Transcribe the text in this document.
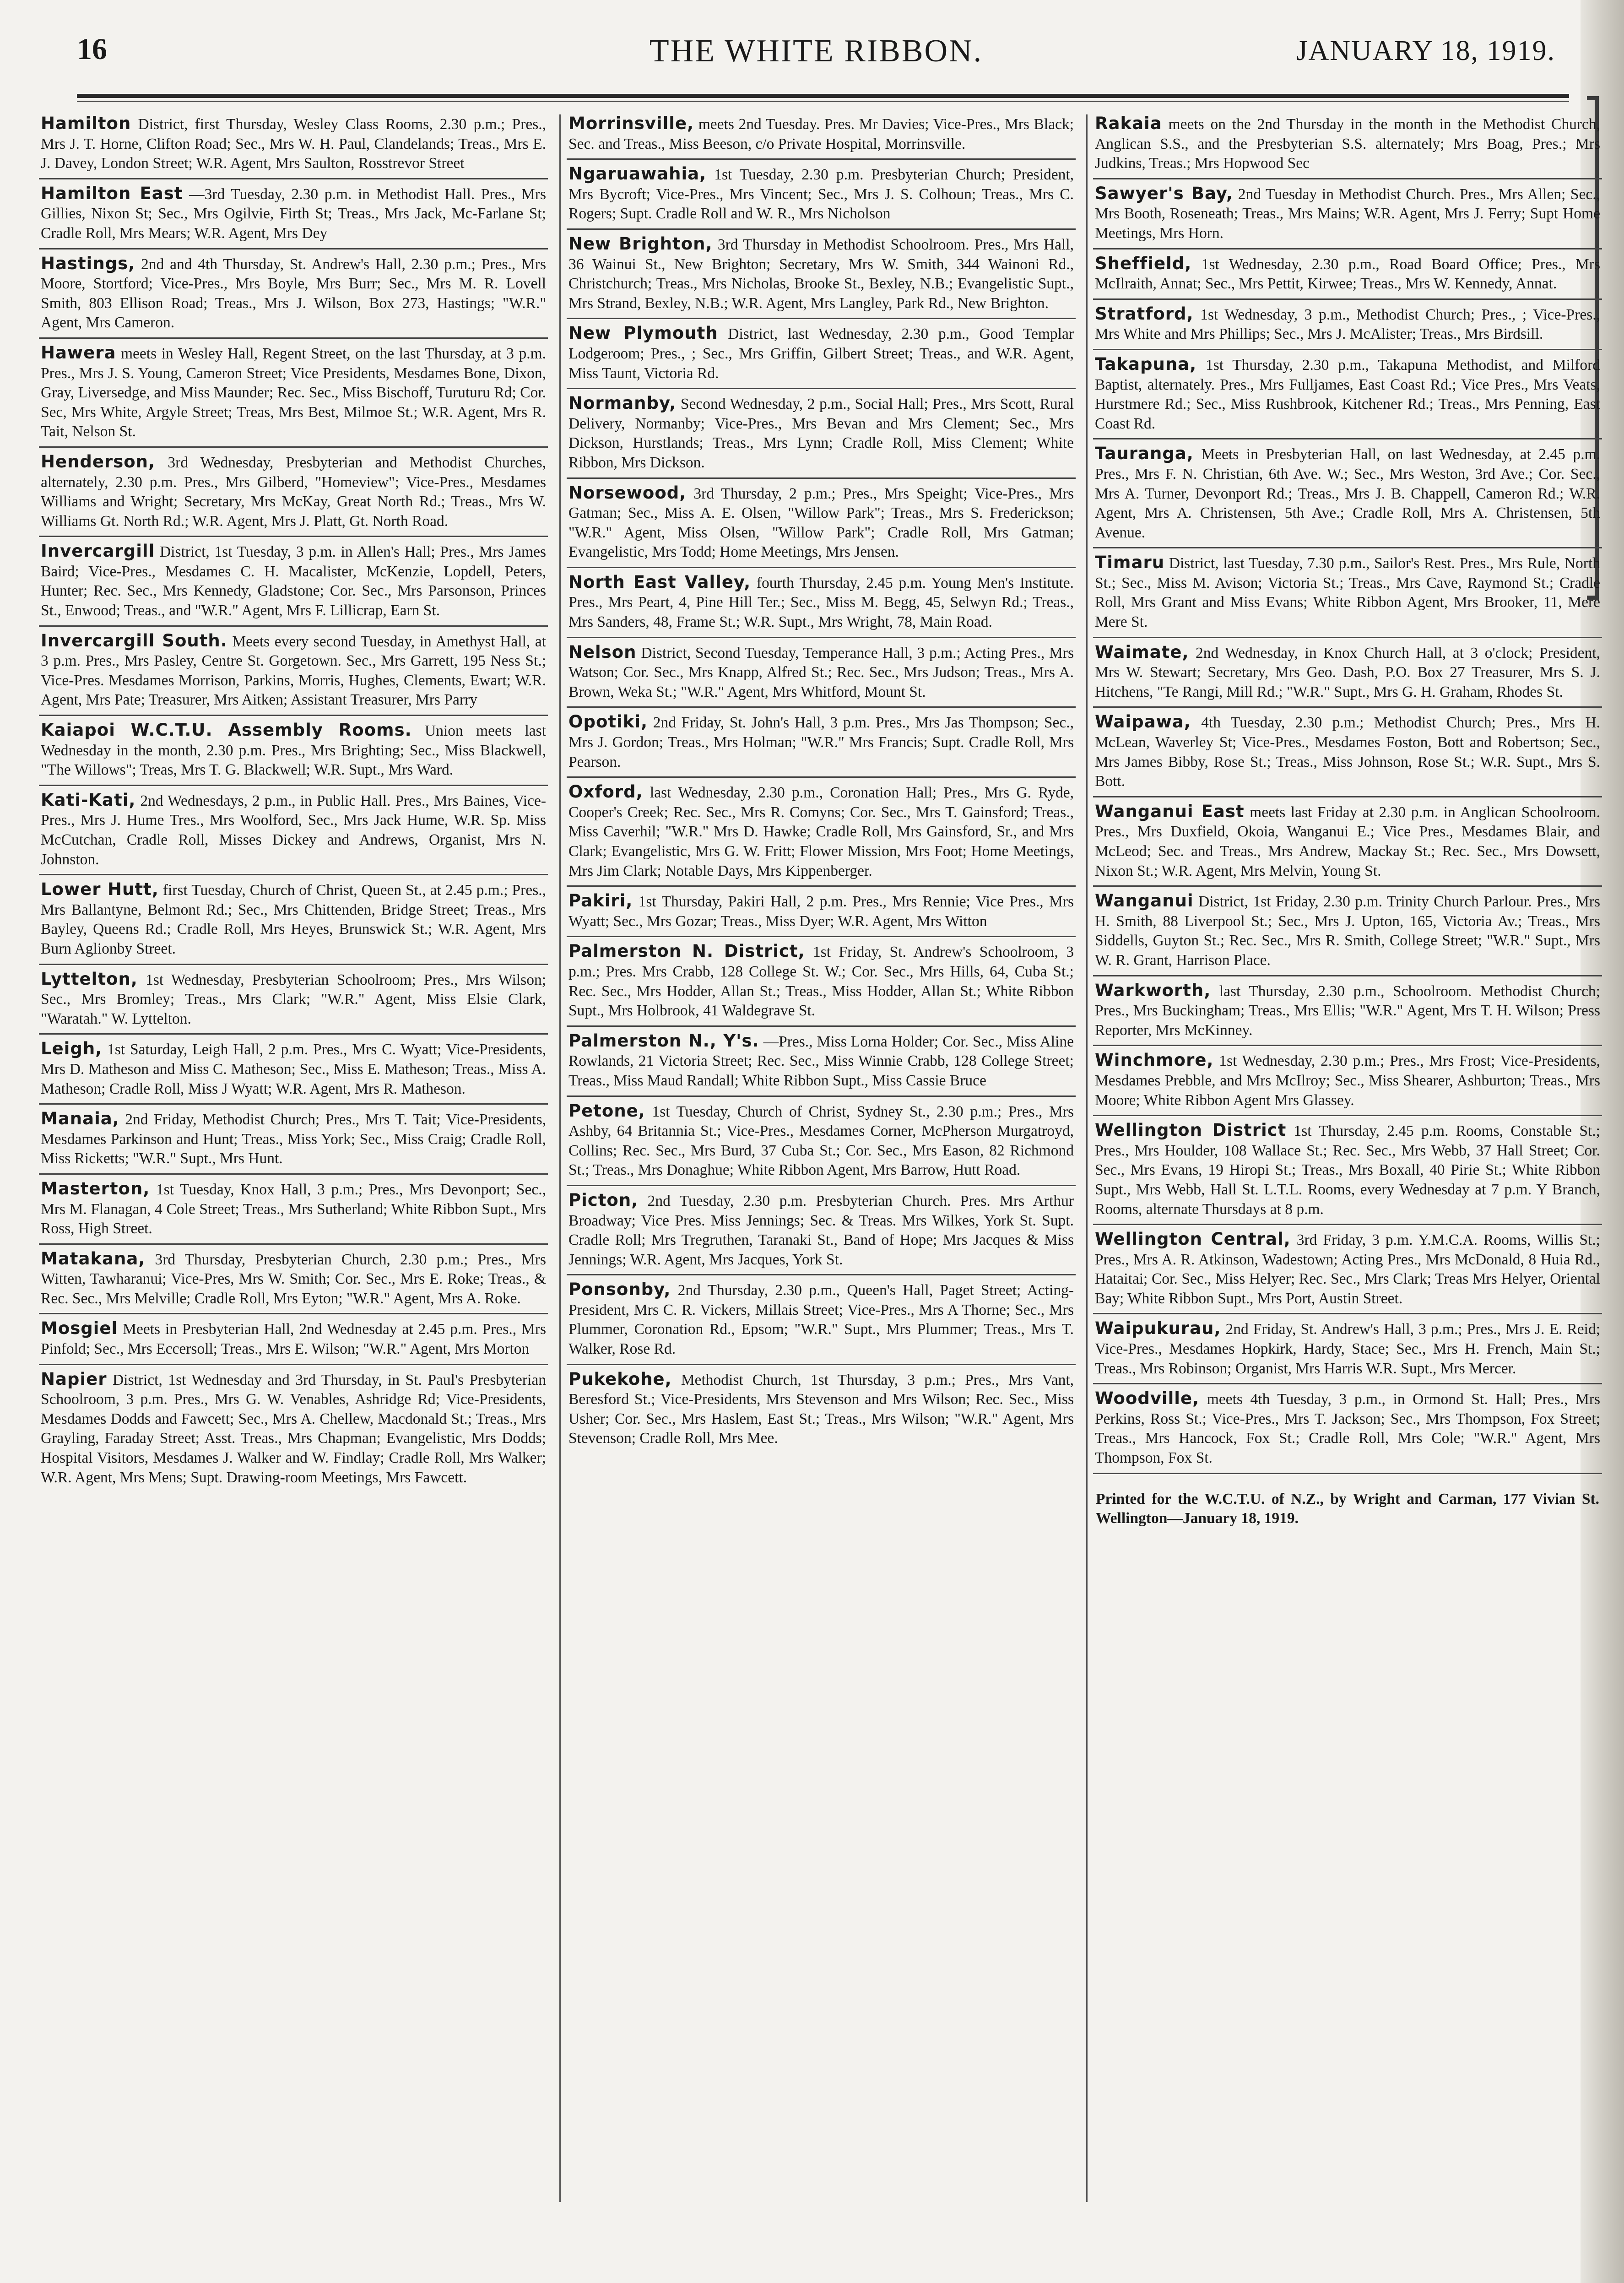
16	THE WHITE RIBBON.	JANUARY 18, 1919.
Hamilton District, first Thursday, Wesley Class Rooms, 2.30 p.m.; Pres., Mrs J. T. Horne, Clifton Road; Sec., Mrs W. H. Paul, Clandelands; Treas., Mrs E. J. Davey, London Street; W.R. Agent, Mrs Saulton, Rosstrevor Street
Hamilton East —3rd Tuesday, 2.30 p.m. in Methodist Hall. Pres., Mrs Gillies, Nixon St; Sec., Mrs Ogilvie, Firth St; Treas., Mrs Jack, Mc-Farlane St; Cradle Roll, Mrs Mears; W.R. Agent, Mrs Dey
Hastings, 2nd and 4th Thursday, St. Andrew's Hall, 2.30 p.m.; Pres., Mrs Moore, Stortford; Vice-Pres., Mrs Boyle, Mrs Burr; Sec., Mrs M. R. Lovell Smith, 803 Ellison Road; Treas., Mrs J. Wilson, Box 273, Hastings; "W.R." Agent, Mrs Cameron.
Hawera meets in Wesley Hall, Regent Street, on the last Thursday, at 3 p.m. Pres., Mrs J. S. Young, Cameron Street; Vice Presidents, Mesdames Bone, Dixon, Gray, Liversedge, and Miss Maunder; Rec. Sec., Miss Bischoff, Turuturu Rd; Cor. Sec, Mrs White, Argyle Street; Treas, Mrs Best, Milmoe St.; W.R. Agent, Mrs R. Tait, Nelson St.
Henderson, 3rd Wednesday, Presbyterian and Methodist Churches, alternately, 2.30 p.m. Pres., Mrs Gilberd, "Homeview"; Vice-Pres., Mesdames Williams and Wright; Secretary, Mrs McKay, Great North Rd.; Treas., Mrs W. Williams Gt. North Rd.; W.R. Agent, Mrs J. Platt, Gt. North Road.
Invercargill District, 1st Tuesday, 3 p.m. in Allen's Hall; Pres., Mrs James Baird; Vice-Pres., Mesdames C. H. Macalister, McKenzie, Lopdell, Peters, Hunter; Rec. Sec., Mrs Kennedy, Gladstone; Cor. Sec., Mrs Parsonson, Princes St., Enwood; Treas., and "W.R." Agent, Mrs F. Lillicrap, Earn St.
Invercargill South. Meets every second Tuesday, in Amethyst Hall, at 3 p.m. Pres., Mrs Pasley, Centre St. Gorgetown. Sec., Mrs Garrett, 195 Ness St.; Vice-Pres. Mesdames Morrison, Parkins, Morris, Hughes, Clements, Ewart; W.R. Agent, Mrs Pate; Treasurer, Mrs Aitken; Assistant Treasurer, Mrs Parry
Kaiapoi W.C.T.U. Assembly Rooms. Union meets last Wednesday in the month, 2.30 p.m. Pres., Mrs Brighting; Sec., Miss Blackwell, "The Willows"; Treas, Mrs T. G. Blackwell; W.R. Supt., Mrs Ward.
Kati-Kati, 2nd Wednesdays, 2 p.m., in Public Hall. Pres., Mrs Baines, Vice-Pres., Mrs J. Hume Tres., Mrs Woolford, Sec., Mrs Jack Hume, W.R. Sp. Miss McCutchan, Cradle Roll, Misses Dickey and Andrews, Organist, Mrs N. Johnston.
Lower Hutt, first Tuesday, Church of Christ, Queen St., at 2.45 p.m.; Pres., Mrs Ballantyne, Belmont Rd.; Sec., Mrs Chittenden, Bridge Street; Treas., Mrs Bayley, Queens Rd.; Cradle Roll, Mrs Heyes, Brunswick St.; W.R. Agent, Mrs Burn Aglionby Street.
Lyttelton, 1st Wednesday, Presbyterian Schoolroom; Pres., Mrs Wilson; Sec., Mrs Bromley; Treas., Mrs Clark; "W.R." Agent, Miss Elsie Clark, "Waratah." W. Lyttelton.
Leigh, 1st Saturday, Leigh Hall, 2 p.m. Pres., Mrs C. Wyatt; Vice-Presidents, Mrs D. Matheson and Miss C. Matheson; Sec., Miss E. Matheson; Treas., Miss A. Matheson; Cradle Roll, Miss J Wyatt; W.R. Agent, Mrs R. Matheson.
Manaia, 2nd Friday, Methodist Church; Pres., Mrs T. Tait; Vice-Presidents, Mesdames Parkinson and Hunt; Treas., Miss York; Sec., Miss Craig; Cradle Roll, Miss Ricketts; "W.R." Supt., Mrs Hunt.
Masterton, 1st Tuesday, Knox Hall, 3 p.m.; Pres., Mrs Devonport; Sec., Mrs M. Flanagan, 4 Cole Street; Treas., Mrs Sutherland; White Ribbon Supt., Mrs Ross, High Street.
Matakana, 3rd Thursday, Presbyterian Church, 2.30 p.m.; Pres., Mrs Witten, Tawharanui; Vice-Pres, Mrs W. Smith; Cor. Sec., Mrs E. Roke; Treas., & Rec. Sec., Mrs Melville; Cradle Roll, Mrs Eyton; "W.R." Agent, Mrs A. Roke.
Mosgiel Meets in Presbyterian Hall, 2nd Wednesday at 2.45 p.m. Pres., Mrs Pinfold; Sec., Mrs Eccersoll; Treas., Mrs E. Wilson; "W.R." Agent, Mrs Morton
Napier District, 1st Wednesday and 3rd Thursday, in St. Paul's Presbyterian Schoolroom, 3 p.m. Pres., Mrs G. W. Venables, Ashridge Rd; Vice-Presidents, Mesdames Dodds and Fawcett; Sec., Mrs A. Chellew, Macdonald St.; Treas., Mrs Grayling, Faraday Street; Asst. Treas., Mrs Chapman; Evangelistic, Mrs Dodds; Hospital Visitors, Mesdames J. Walker and W. Findlay; Cradle Roll, Mrs Walker; W.R. Agent, Mrs Mens; Supt. Drawing-room Meetings, Mrs Fawcett.
Morrinsville, meets 2nd Tuesday. Pres. Mr Davies; Vice-Pres., Mrs Black; Sec. and Treas., Miss Beeson, c/o Private Hospital, Morrinsville.
Ngaruawahia, 1st Tuesday, 2.30 p.m. Presbyterian Church; President, Mrs Bycroft; Vice-Pres., Mrs Vincent; Sec., Mrs J. S. Colhoun; Treas., Mrs C. Rogers; Supt. Cradle Roll and W. R., Mrs Nicholson
New Brighton, 3rd Thursday in Methodist Schoolroom. Pres., Mrs Hall, 36 Wainui St., New Brighton; Secretary, Mrs W. Smith, 344 Wainoni Rd., Christchurch; Treas., Mrs Nicholas, Brooke St., Bexley, N.B.; Evangelistic Supt., Mrs Strand, Bexley, N.B.; W.R. Agent, Mrs Langley, Park Rd., New Brighton.
New Plymouth District, last Wednesday, 2.30 p.m., Good Templar Lodgeroom; Pres., ; Sec., Mrs Griffin, Gilbert Street; Treas., and W.R. Agent, Miss Taunt, Victoria Rd.
Normanby, Second Wednesday, 2 p.m., Social Hall; Pres., Mrs Scott, Rural Delivery, Normanby; Vice-Pres., Mrs Bevan and Mrs Clement; Sec., Mrs Dickson, Hurstlands; Treas., Mrs Lynn; Cradle Roll, Miss Clement; White Ribbon, Mrs Dickson.
Norsewood, 3rd Thursday, 2 p.m.; Pres., Mrs Speight; Vice-Pres., Mrs Gatman; Sec., Miss A. E. Olsen, "Willow Park"; Treas., Mrs S. Frederickson; "W.R." Agent, Miss Olsen, "Willow Park"; Cradle Roll, Mrs Gatman; Evangelistic, Mrs Todd; Home Meetings, Mrs Jensen.
North East Valley, fourth Thursday, 2.45 p.m. Young Men's Institute. Pres., Mrs Peart, 4, Pine Hill Ter.; Sec., Miss M. Begg, 45, Selwyn Rd.; Treas., Mrs Sanders, 48, Frame St.; W.R. Supt., Mrs Wright, 78, Main Road.
Nelson District, Second Tuesday, Temperance Hall, 3 p.m.; Acting Pres., Mrs Watson; Cor. Sec., Mrs Knapp, Alfred St.; Rec. Sec., Mrs Judson; Treas., Mrs A. Brown, Weka St.; "W.R." Agent, Mrs Whitford, Mount St.
Opotiki, 2nd Friday, St. John's Hall, 3 p.m. Pres., Mrs Jas Thompson; Sec., Mrs J. Gordon; Treas., Mrs Holman; "W.R." Mrs Francis; Supt. Cradle Roll, Mrs Pearson.
Oxford, last Wednesday, 2.30 p.m., Coronation Hall; Pres., Mrs G. Ryde, Cooper's Creek; Rec. Sec., Mrs R. Comyns; Cor. Sec., Mrs T. Gainsford; Treas., Miss Caverhil; "W.R." Mrs D. Hawke; Cradle Roll, Mrs Gainsford, Sr., and Mrs Clark; Evangelistic, Mrs G. W. Fritt; Flower Mission, Mrs Foot; Home Meetings, Mrs Jim Clark; Notable Days, Mrs Kippenberger.
Pakiri, 1st Thursday, Pakiri Hall, 2 p.m. Pres., Mrs Rennie; Vice Pres., Mrs Wyatt; Sec., Mrs Gozar; Treas., Miss Dyer; W.R. Agent, Mrs Witton
Palmerston N. District, 1st Friday, St. Andrew's Schoolroom, 3 p.m.; Pres. Mrs Crabb, 128 College St. W.; Cor. Sec., Mrs Hills, 64, Cuba St.; Rec. Sec., Mrs Hodder, Allan St.; Treas., Miss Hodder, Allan St.; White Ribbon Supt., Mrs Holbrook, 41 Waldegrave St.
Palmerston N., Y's. —Pres., Miss Lorna Holder; Cor. Sec., Miss Aline Rowlands, 21 Victoria Street; Rec. Sec., Miss Winnie Crabb, 128 College Street; Treas., Miss Maud Randall; White Ribbon Supt., Miss Cassie Bruce
Petone, 1st Tuesday, Church of Christ, Sydney St., 2.30 p.m.; Pres., Mrs Ashby, 64 Britannia St.; Vice-Pres., Mesdames Corner, McPherson Murgatroyd, Collins; Rec. Sec., Mrs Burd, 37 Cuba St.; Cor. Sec., Mrs Eason, 82 Richmond St.; Treas., Mrs Donaghue; White Ribbon Agent, Mrs Barrow, Hutt Road.
Picton, 2nd Tuesday, 2.30 p.m. Presbyterian Church. Pres. Mrs Arthur Broadway; Vice Pres. Miss Jennings; Sec. & Treas. Mrs Wilkes, York St. Supt. Cradle Roll; Mrs Tregruthen, Taranaki St., Band of Hope; Mrs Jacques & Miss Jennings; W.R. Agent, Mrs Jacques, York St.
Ponsonby, 2nd Thursday, 2.30 p.m., Queen's Hall, Paget Street; Acting-President, Mrs C. R. Vickers, Millais Street; Vice-Pres., Mrs A Thorne; Sec., Mrs Plummer, Coronation Rd., Epsom; "W.R." Supt., Mrs Plummer; Treas., Mrs T. Walker, Rose Rd.
Pukekohe, Methodist Church, 1st Thursday, 3 p.m.; Pres., Mrs Vant, Beresford St.; Vice-Presidents, Mrs Stevenson and Mrs Wilson; Rec. Sec., Miss Usher; Cor. Sec., Mrs Haslem, East St.; Treas., Mrs Wilson; "W.R." Agent, Mrs Stevenson; Cradle Roll, Mrs Mee.
Rakaia meets on the 2nd Thursday in the month in the Methodist Church, Anglican S.S., and the Presbyterian S.S. alternately; Mrs Boag, Pres.; Mrs Judkins, Treas.; Mrs Hopwood Sec
Sawyer's Bay, 2nd Tuesday in Methodist Church. Pres., Mrs Allen; Sec., Mrs Booth, Roseneath; Treas., Mrs Mains; W.R. Agent, Mrs J. Ferry; Supt Home Meetings, Mrs Horn.
Sheffield, 1st Wednesday, 2.30 p.m., Road Board Office; Pres., Mrs McIlraith, Annat; Sec., Mrs Pettit, Kirwee; Treas., Mrs W. Kennedy, Annat.
Stratford, 1st Wednesday, 3 p.m., Methodist Church; Pres., ; Vice-Pres., Mrs White and Mrs Phillips; Sec., Mrs J. McAlister; Treas., Mrs Birdsill.
Takapuna, 1st Thursday, 2.30 p.m., Takapuna Methodist, and Milford Baptist, alternately. Pres., Mrs Fulljames, East Coast Rd.; Vice Pres., Mrs Veats, Hurstmere Rd.; Sec., Miss Rushbrook, Kitchener Rd.; Treas., Mrs Penning, East Coast Rd.
Tauranga, Meets in Presbyterian Hall, on last Wednesday, at 2.45 p.m. Pres., Mrs F. N. Christian, 6th Ave. W.; Sec., Mrs Weston, 3rd Ave.; Cor. Sec., Mrs A. Turner, Devonport Rd.; Treas., Mrs J. B. Chappell, Cameron Rd.; W.R. Agent, Mrs A. Christensen, 5th Ave.; Cradle Roll, Mrs A. Christensen, 5th Avenue.
Timaru District, last Tuesday, 7.30 p.m., Sailor's Rest. Pres., Mrs Rule, North St.; Sec., Miss M. Avison; Victoria St.; Treas., Mrs Cave, Raymond St.; Cradle Roll, Mrs Grant and Miss Evans; White Ribbon Agent, Mrs Brooker, 11, Mere Mere St.
Waimate, 2nd Wednesday, in Knox Church Hall, at 3 o'clock; President, Mrs W. Stewart; Secretary, Mrs Geo. Dash, P.O. Box 27 Treasurer, Mrs S. J. Hitchens, "Te Rangi, Mill Rd.; "W.R." Supt., Mrs G. H. Graham, Rhodes St.
Waipawa, 4th Tuesday, 2.30 p.m.; Methodist Church; Pres., Mrs H. McLean, Waverley St; Vice-Pres., Mesdames Foston, Bott and Robertson; Sec., Mrs James Bibby, Rose St.; Treas., Miss Johnson, Rose St.; W.R. Supt., Mrs S. Bott.
Wanganui East meets last Friday at 2.30 p.m. in Anglican Schoolroom. Pres., Mrs Duxfield, Okoia, Wanganui E.; Vice Pres., Mesdames Blair, and McLeod; Sec. and Treas., Mrs Andrew, Mackay St.; Rec. Sec., Mrs Dowsett, Nixon St.; W.R. Agent, Mrs Melvin, Young St.
Wanganui District, 1st Friday, 2.30 p.m. Trinity Church Parlour. Pres., Mrs H. Smith, 88 Liverpool St.; Sec., Mrs J. Upton, 165, Victoria Av.; Treas., Mrs Siddells, Guyton St.; Rec. Sec., Mrs R. Smith, College Street; "W.R." Supt., Mrs W. R. Grant, Harrison Place.
Warkworth, last Thursday, 2.30 p.m., Schoolroom. Methodist Church; Pres., Mrs Buckingham; Treas., Mrs Ellis; "W.R." Agent, Mrs T. H. Wilson; Press Reporter, Mrs McKinney.
Winchmore, 1st Wednesday, 2.30 p.m.; Pres., Mrs Frost; Vice-Presidents, Mesdames Prebble, and Mrs McIlroy; Sec., Miss Shearer, Ashburton; Treas., Mrs Moore; White Ribbon Agent Mrs Glassey.
Wellington District 1st Thursday, 2.45 p.m. Rooms, Constable St.; Pres., Mrs Houlder, 108 Wallace St.; Rec. Sec., Mrs Webb, 37 Hall Street; Cor. Sec., Mrs Evans, 19 Hiropi St.; Treas., Mrs Boxall, 40 Pirie St.; White Ribbon Supt., Mrs Webb, Hall St. L.T.L. Rooms, every Wednesday at 7 p.m. Y Branch, Rooms, alternate Thursdays at 8 p.m.
Wellington Central, 3rd Friday, 3 p.m. Y.M.C.A. Rooms, Willis St.; Pres., Mrs A. R. Atkinson, Wadestown; Acting Pres., Mrs McDonald, 8 Huia Rd., Hataitai; Cor. Sec., Miss Helyer; Rec. Sec., Mrs Clark; Treas Mrs Helyer, Oriental Bay; White Ribbon Supt., Mrs Port, Austin Street.
Waipukurau, 2nd Friday, St. Andrew's Hall, 3 p.m.; Pres., Mrs J. E. Reid; Vice-Pres., Mesdames Hopkirk, Hardy, Stace; Sec., Mrs H. French, Main St.; Treas., Mrs Robinson; Organist, Mrs Harris W.R. Supt., Mrs Mercer.
Woodville, meets 4th Tuesday, 3 p.m., in Ormond St. Hall; Pres., Mrs Perkins, Ross St.; Vice-Pres., Mrs T. Jackson; Sec., Mrs Thompson, Fox Street; Treas., Mrs Hancock, Fox St.; Cradle Roll, Mrs Cole; "W.R." Agent, Mrs Thompson, Fox St.
Printed for the W.C.T.U. of N.Z., by Wright and Carman, 177 Vivian St. Wellington—January 18, 1919.
